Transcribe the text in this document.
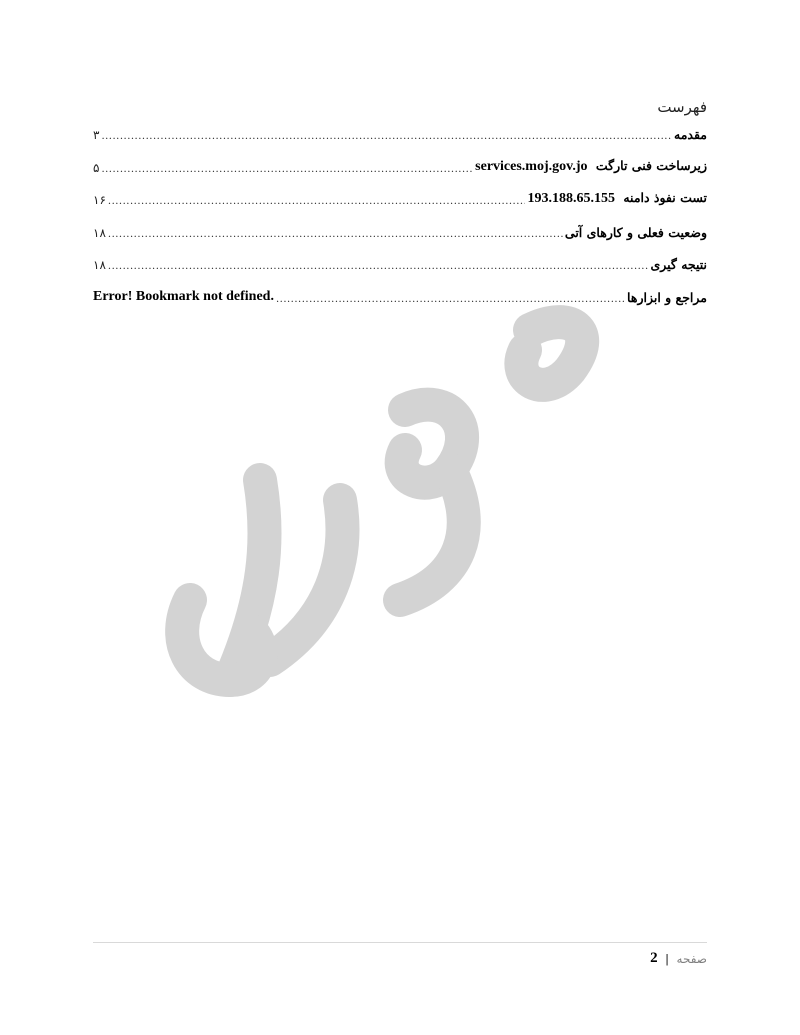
محرمانه
فهرست
مقدمه
.....
۳
زیرساخت فنی تارگت services.moj.gov.jo
.....
۵
تست نفوذ دامنه 193.188.65.155
.....
۱۶
وضعیت فعلی و کارهای آتی
.....
۱۸
نتیجه گیری
.....
۱۸
مراجع و ابزارها
.....
Error! Bookmark not defined.
صفحه
|
2
